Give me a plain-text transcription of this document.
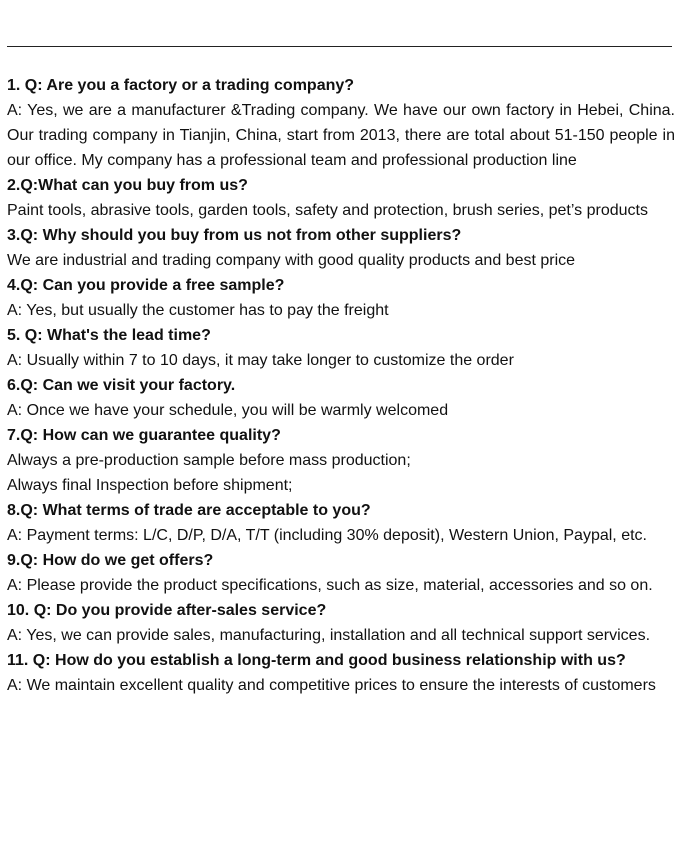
1. Q: Are you a factory or a trading company?

A: Yes, we are a manufacturer &Trading company. We have our own factory in Hebei, China. Our trading company in Tianjin, China, start from 2013, there are total about 51-150 people in our office. My company has a professional team and professional production line

2.Q:What can you buy from us?

Paint tools, abrasive tools, garden tools, safety and protection, brush series, pet’s products

3.Q: Why should you buy from us not from other suppliers?

We are industrial and trading company with good quality products and best price

4.Q: Can you provide a free sample?

A: Yes, but usually the customer has to pay the freight

5. Q: What's the lead time?

A: Usually within 7 to 10 days, it may take longer to customize the order

6.Q: Can we visit your factory.

A: Once we have your schedule, you will be warmly welcomed

7.Q: How can we guarantee quality?

Always a pre-production sample before mass production;

Always final Inspection before shipment;

8.Q: What terms of trade are acceptable to you?

A: Payment terms: L/C, D/P, D/A, T/T (including 30% deposit), Western Union, Paypal, etc.

9.Q: How do we get offers?

A: Please provide the product specifications, such as size, material, accessories and so on.

10. Q: Do you provide after-sales service?

A: Yes, we can provide sales, manufacturing, installation and all technical support services.

11. Q: How do you establish a long-term and good business relationship with us?

A: We maintain excellent quality and competitive prices to ensure the interests of customers
